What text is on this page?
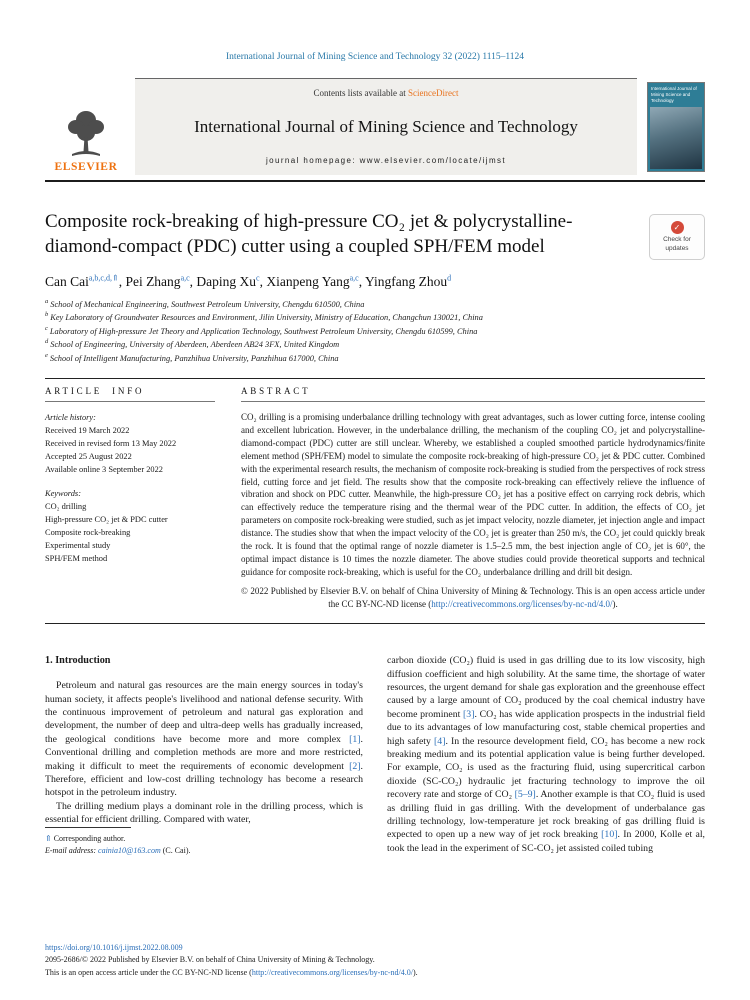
International Journal of Mining Science and Technology 32 (2022) 1115–1124
ELSEVIER
Contents lists available at ScienceDirect
International Journal of Mining Science and Technology
journal homepage: www.elsevier.com/locate/ijmst
International Journal of Mining Science and Technology
Composite rock-breaking of high-pressure CO₂ jet & polycrystalline-diamond-compact (PDC) cutter using a coupled SPH/FEM model
✓
Check for
updates
Can Cai$^{a,b,c,d,⇑}$, Pei Zhang$^{a,c}$, Daping Xu$^c$, Xianpeng Yang$^{a,c}$, Yingfang Zhou$^d$
$^a$ School of Mechanical Engineering, Southwest Petroleum University, Chengdu 610500, China
$^b$ Key Laboratory of Groundwater Resources and Environment, Jilin University, Ministry of Education, Changchun 130021, China
$^c$ Laboratory of High-pressure Jet Theory and Application Technology, Southwest Petroleum University, Chengdu 610599, China
$^d$ School of Engineering, University of Aberdeen, Aberdeen AB24 3FX, United Kingdom
$^e$ School of Intelligent Manufacturing, Panzhihua University, Panzhihua 617000, China
ARTICLE INFO
Article history:
Received 19 March 2022
Received in revised form 13 May 2022
Accepted 25 August 2022
Available online 3 September 2022
Keywords:
CO₂ drilling
High-pressure CO₂ jet & PDC cutter
Composite rock-breaking
Experimental study
SPH/FEM method
ABSTRACT

CO₂ drilling is a promising underbalance drilling technology with great advantages, such as lower cutting force, intense cooling and excellent lubrication. However, in the underbalance drilling, the mechanism of the coupling CO₂ jet and polycrystalline-diamond-compact (PDC) cutter are still unclear. Whereby, we established a coupled smoothed particle hydrodynamics/finite element method (SPH/FEM) model to simulate the composite rock-breaking of high-pressure CO₂ jet & PDC cutter. Combined with the experimental research results, the mechanism of composite rock-breaking is studied from the perspectives of rock stress field, cutting force and jet field. The results show that the composite rock-breaking can effectively relieve the influence of vibration and shock on PDC cutter. Meanwhile, the high-pressure CO₂ jet has a positive effect on carrying rock debris, which can effectively reduce the temperature rising and the thermal wear of the PDC cutter. In addition, the effects of CO₂ jet parameters on composite rock-breaking were studied, such as jet impact velocity, nozzle diameter, jet injection angle and impact distance. The studies show that when the impact velocity of the CO₂ jet is greater than 250 m/s, the CO₂ jet could quickly break the rock. It is found that the optimal range of nozzle diameter is 1.5–2.5 mm, the best injection angle of CO₂ jet is 60°, the optimal impact distance is 10 times the nozzle diameter. The above studies could provide theoretical supports and technical guidance for composite rock-breaking, which is useful for the CO₂ underbalance drilling and drill bit design.

© 2022 Published by Elsevier B.V. on behalf of China University of Mining & Technology. This is an open access article under the CC BY-NC-ND license (http://creativecommons.org/licenses/by-nc-nd/4.0/).

1. Introduction

Petroleum and natural gas resources are the main energy sources in today's human society, it affects people's livelihood and national defense security. With the continuous improvement of petroleum and natural gas exploration and development, the number of deep and ultra-deep wells has gradually increased, the geological conditions have become more and more complex [1]. Conventional drilling and completion methods are more and more restricted, making it difficult to meet the requirements of economic development [2]. Therefore, efficient and low-cost drilling technology has become a research hotspot in the petroleum industry.

The drilling medium plays a dominant role in the drilling process, which is essential for efficient drilling. Compared with water,

⇑ Corresponding author.
E-mail address: cainia10@163.com (C. Cai).

carbon dioxide (CO₂) fluid is used in gas drilling due to its low viscosity, high diffusion coefficient and high solubility. At the same time, the shortage of water resources, the urgent demand for shale gas exploration and the greenhouse effect caused by a large amount of CO₂ produced by the coal chemical industry have become prominent [3]. CO₂ has wide application prospects in the industrial field due to its advantages of low manufacturing cost, stable chemical properties and high safety [4]. In the resource development field, CO₂ has become a new rock breaking medium and its potential application value is being further developed. For example, CO₂ is used as the fracturing fluid, using supercritical carbon dioxide (SC-CO₂) hydraulic jet fracturing technology to improve the oil recovery rate and storge of CO₂ [5–9]. Another example is that CO₂ fluid is used as drilling fluid in gas drilling. With the development of underbalance gas drilling technology, low-temperature jet rock breaking of gas drilling fluid is expected to open up a new way of jet rock breaking [10]. In 2000, Kolle et al, took the lead in the experiment of SC-CO₂ jet assisted coiled tubing

https://doi.org/10.1016/j.ijmst.2022.08.009
2095-2686/© 2022 Published by Elsevier B.V. on behalf of China University of Mining & Technology.
This is an open access article under the CC BY-NC-ND license (http://creativecommons.org/licenses/by-nc-nd/4.0/).
